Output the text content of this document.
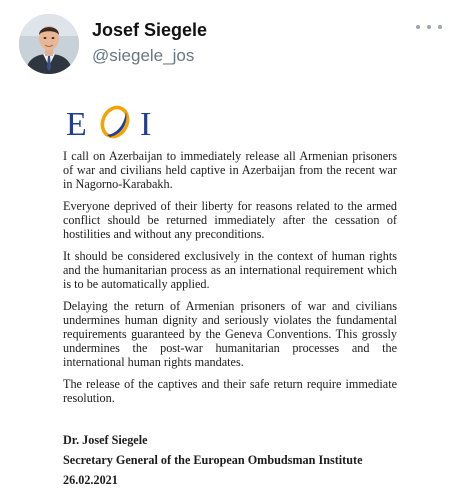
Josef Siegele
@siegele_jos
E I

I call on Azerbaijan to immediately release all Armenian prisoners of war and civilians held captive in Azerbaijan from the recent war in Nagorno-Karabakh.

Everyone deprived of their liberty for reasons related to the armed conflict should be returned immediately after the cessation of hostilities and without any preconditions.

It should be considered exclusively in the context of human rights and the humanitarian process as an international requirement which is to be automatically applied.

Delaying the return of Armenian prisoners of war and civilians undermines human dignity and seriously violates the fundamental requirements guaranteed by the Geneva Conventions. This grossly undermines the post-war humanitarian processes and the international human rights mandates.

The release of the captives and their safe return require immediate resolution.

Dr. Josef Siegele
Secretary General of the European Ombudsman Institute
26.02.2021
